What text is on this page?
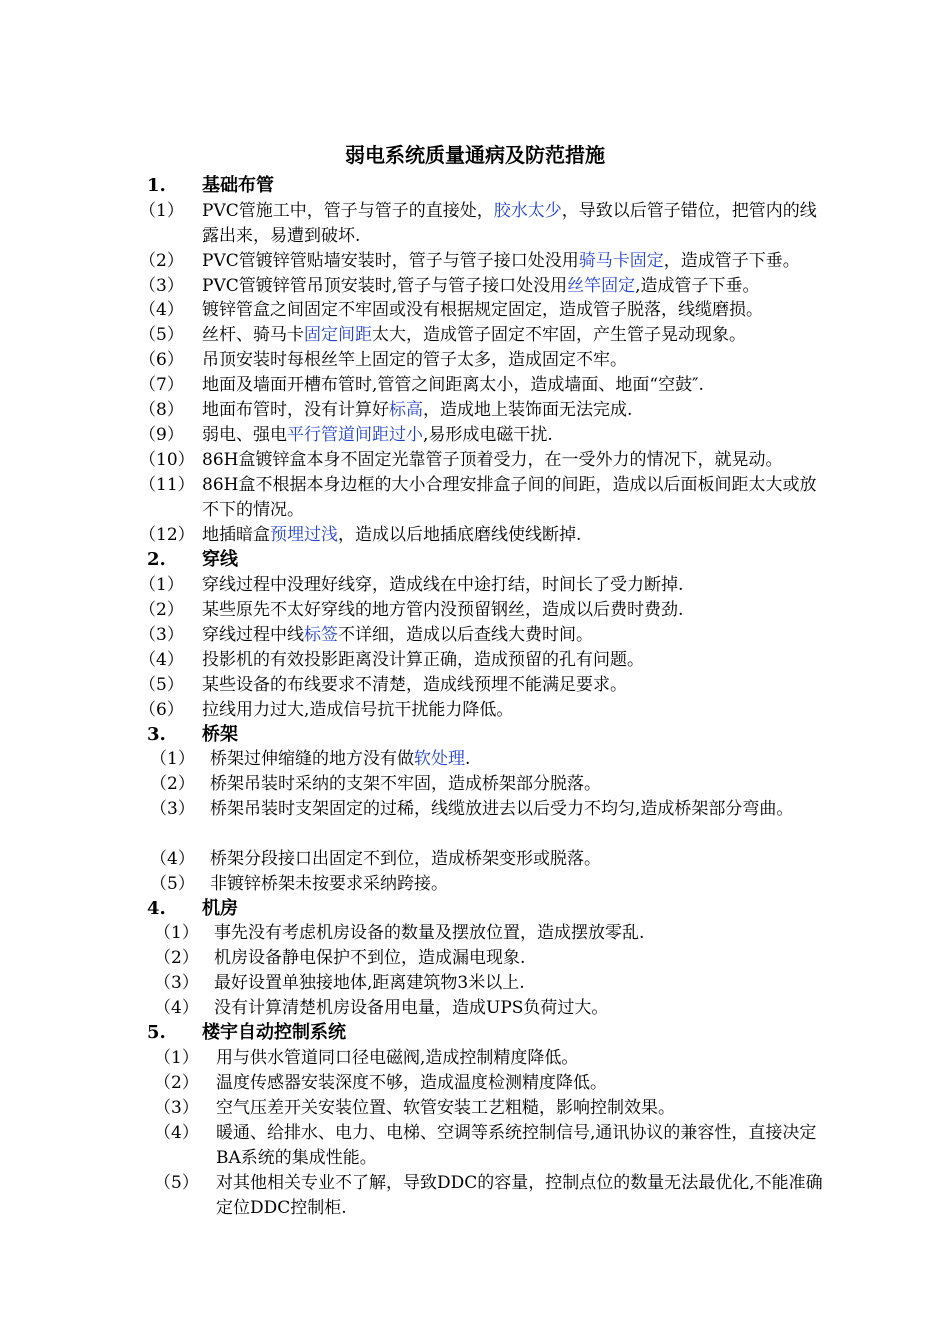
弱电系统质量通病及防范措施
1. 基础布管
（1） PVC管施工中，管子与管子的直接处，胶水太少，导致以后管子错位，把管内的线露出来，易遭到破坏.
（2） PVC管镀锌管贴墙安装时，管子与管子接口处没用骑马卡固定，造成管子下垂。
（3） PVC管镀锌管吊顶安装时,管子与管子接口处没用丝竿固定,造成管子下垂。
（4） 镀锌管盒之间固定不牢固或没有根据规定固定，造成管子脱落，线缆磨损。
（5） 丝杆、骑马卡固定间距太大，造成管子固定不牢固，产生管子晃动现象。
（6） 吊顶安装时每根丝竿上固定的管子太多，造成固定不牢。
（7） 地面及墙面开槽布管时,管管之间距离太小，造成墙面、地面“空鼓″.
（8） 地面布管时，没有计算好标高，造成地上装饰面无法完成.
（9） 弱电、强电平行管道间距过小,易形成电磁干扰.
（10） 86H盒镀锌盒本身不固定光靠管子顶着受力，在一受外力的情况下，就晃动。
（11） 86H盒不根据本身边框的大小合理安排盒子间的间距，造成以后面板间距太大或放不下的情况。
（12） 地插暗盒预埋过浅，造成以后地插底磨线使线断掉.
2. 穿线
（1） 穿线过程中没理好线穿，造成线在中途打结，时间长了受力断掉.
（2） 某些原先不太好穿线的地方管内没预留钢丝，造成以后费时费劲.
（3） 穿线过程中线标签不详细，造成以后查线大费时间。
（4） 投影机的有效投影距离没计算正确，造成预留的孔有问题。
（5） 某些设备的布线要求不清楚，造成线预埋不能满足要求。
（6） 拉线用力过大,造成信号抗干扰能力降低。
3. 桥架
（1） 桥架过伸缩缝的地方没有做软处理.
（2） 桥架吊装时采纳的支架不牢固，造成桥架部分脱落。
（3） 桥架吊装时支架固定的过稀，线缆放进去以后受力不均匀,造成桥架部分弯曲。
（4） 桥架分段接口出固定不到位，造成桥架变形或脱落。
（5） 非镀锌桥架未按要求采纳跨接。
4. 机房
（1） 事先没有考虑机房设备的数量及摆放位置，造成摆放零乱.
（2） 机房设备静电保护不到位，造成漏电现象.
（3） 最好设置单独接地体,距离建筑物3米以上.
（4） 没有计算清楚机房设备用电量，造成UPS负荷过大。
5. 楼宇自动控制系统
（1） 用与供水管道同口径电磁阀,造成控制精度降低。
（2） 温度传感器安装深度不够，造成温度检测精度降低。
（3） 空气压差开关安装位置、软管安装工艺粗糙，影响控制效果。
（4） 暖通、给排水、电力、电梯、空调等系统控制信号,通讯协议的兼容性，直接决定BA系统的集成性能。
（5） 对其他相关专业不了解，导致DDC的容量，控制点位的数量无法最优化,不能准确定位DDC控制柜.
